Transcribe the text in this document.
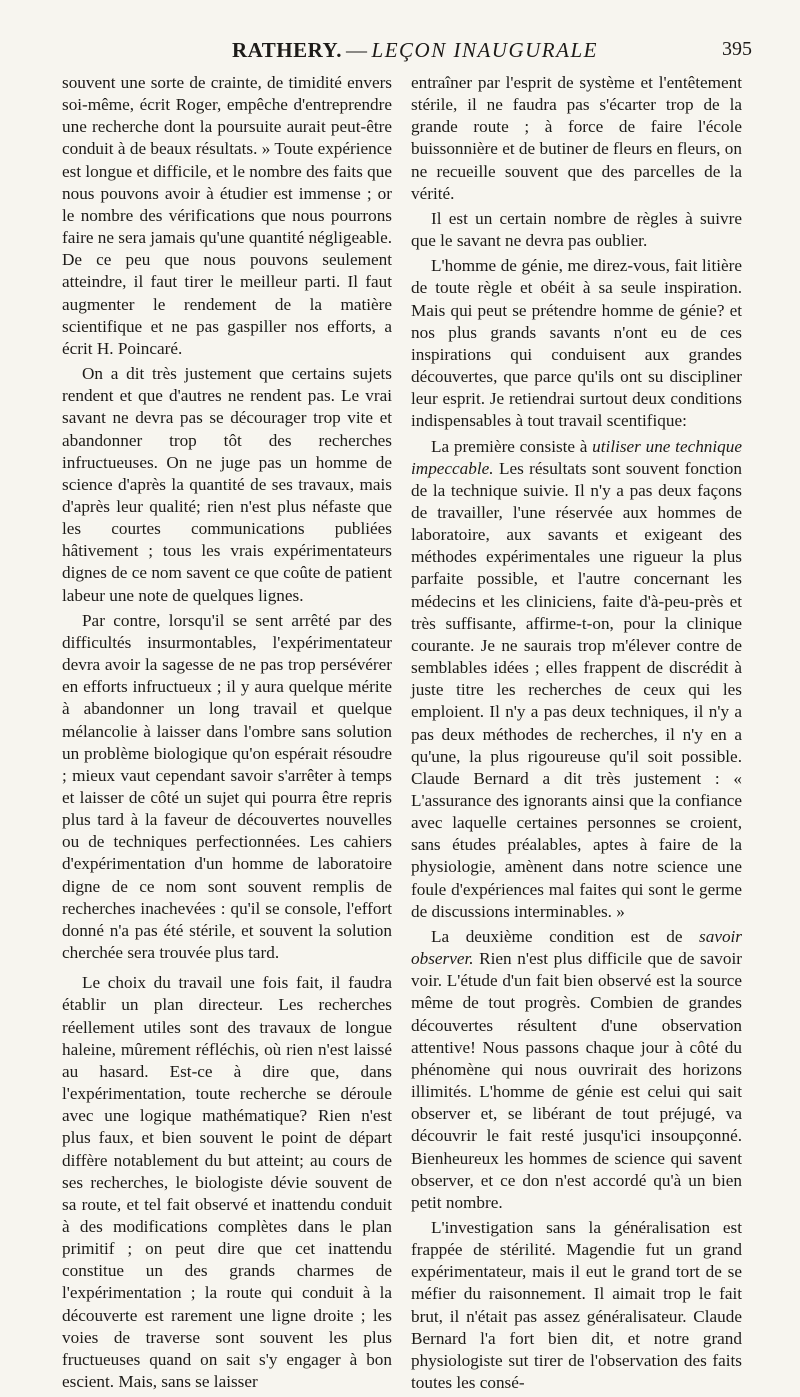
RATHERY. — LEÇON INAUGURALE	395

souvent une sorte de crainte, de timidité envers soi-même, écrit Roger, empêche d'entreprendre une recherche dont la poursuite aurait peut-être conduit à de beaux résultats. » Toute expérience est longue et difficile, et le nombre des faits que nous pouvons avoir à étudier est immense ; or le nombre des vérifications que nous pourrons faire ne sera jamais qu'une quantité négligeable. De ce peu que nous pouvons seulement atteindre, il faut tirer le meilleur parti. Il faut augmenter le rendement de la matière scientifique et ne pas gaspiller nos efforts, a écrit H. Poincaré.

On a dit très justement que certains sujets rendent et que d'autres ne rendent pas. Le vrai savant ne devra pas se décourager trop vite et abandonner trop tôt des recherches infructueuses. On ne juge pas un homme de science d'après la quantité de ses travaux, mais d'après leur qualité; rien n'est plus néfaste que les courtes communications publiées hâtivement ; tous les vrais expérimentateurs dignes de ce nom savent ce que coûte de patient labeur une note de quelques lignes.

Par contre, lorsqu'il se sent arrêté par des difficultés insurmontables, l'expérimentateur devra avoir la sagesse de ne pas trop persévérer en efforts infructueux ; il y aura quelque mérite à abandonner un long travail et quelque mélancolie à laisser dans l'ombre sans solution un problème biologique qu'on espérait résoudre ; mieux vaut cependant savoir s'arrêter à temps et laisser de côté un sujet qui pourra être repris plus tard à la faveur de découvertes nouvelles ou de techniques perfectionnées. Les cahiers d'expérimentation d'un homme de laboratoire digne de ce nom sont souvent remplis de recherches inachevées : qu'il se console, l'effort donné n'a pas été stérile, et souvent la solution cherchée sera trouvée plus tard.

Le choix du travail une fois fait, il faudra établir un plan directeur. Les recherches réellement utiles sont des travaux de longue haleine, mûrement réfléchis, où rien n'est laissé au hasard. Est-ce à dire que, dans l'expérimentation, toute recherche se déroule avec une logique mathématique? Rien n'est plus faux, et bien souvent le point de départ diffère notablement du but atteint; au cours de ses recherches, le biologiste dévie souvent de sa route, et tel fait observé et inattendu conduit à des modifications complètes dans le plan primitif ; on peut dire que cet inattendu constitue un des grands charmes de l'expérimentation ; la route qui conduit à la découverte est rarement une ligne droite ; les voies de traverse sont souvent les plus fructueuses quand on sait s'y engager à bon escient. Mais, sans se laisser

entraîner par l'esprit de système et l'entêtement stérile, il ne faudra pas s'écarter trop de la grande route ; à force de faire l'école buissonnière et de butiner de fleurs en fleurs, on ne recueille souvent que des parcelles de la vérité.

Il est un certain nombre de règles à suivre que le savant ne devra pas oublier.

L'homme de génie, me direz-vous, fait litière de toute règle et obéit à sa seule inspiration. Mais qui peut se prétendre homme de génie? et nos plus grands savants n'ont eu de ces inspirations qui conduisent aux grandes découvertes, que parce qu'ils ont su discipliner leur esprit. Je retiendrai surtout deux conditions indispensables à tout travail scentifique:

La première consiste à utiliser une technique impeccable. Les résultats sont souvent fonction de la technique suivie. Il n'y a pas deux façons de travailler, l'une réservée aux hommes de laboratoire, aux savants et exigeant des méthodes expérimentales une rigueur la plus parfaite possible, et l'autre concernant les médecins et les cliniciens, faite d'à-peu-près et très suffisante, affirme-t-on, pour la clinique courante. Je ne saurais trop m'élever contre de semblables idées ; elles frappent de discrédit à juste titre les recherches de ceux qui les emploient. Il n'y a pas deux techniques, il n'y a pas deux méthodes de recherches, il n'y en a qu'une, la plus rigoureuse qu'il soit possible. Claude Bernard a dit très justement : « L'assurance des ignorants ainsi que la confiance avec laquelle certaines personnes se croient, sans études préalables, aptes à faire de la physiologie, amènent dans notre science une foule d'expériences mal faites qui sont le germe de discussions interminables. »

La deuxième condition est de savoir observer. Rien n'est plus difficile que de savoir voir. L'étude d'un fait bien observé est la source même de tout progrès. Combien de grandes découvertes résultent d'une observation attentive! Nous passons chaque jour à côté du phénomène qui nous ouvrirait des horizons illimités. L'homme de génie est celui qui sait observer et, se libérant de tout préjugé, va découvrir le fait resté jusqu'ici insoupçonné. Bienheureux les hommes de science qui savent observer, et ce don n'est accordé qu'à un bien petit nombre.

L'investigation sans la généralisation est frappée de stérilité. Magendie fut un grand expérimentateur, mais il eut le grand tort de se méfier du raisonnement. Il aimait trop le fait brut, il n'était pas assez généralisateur. Claude Bernard l'a fort bien dit, et notre grand physiologiste sut tirer de l'observation des faits toutes les consé-
